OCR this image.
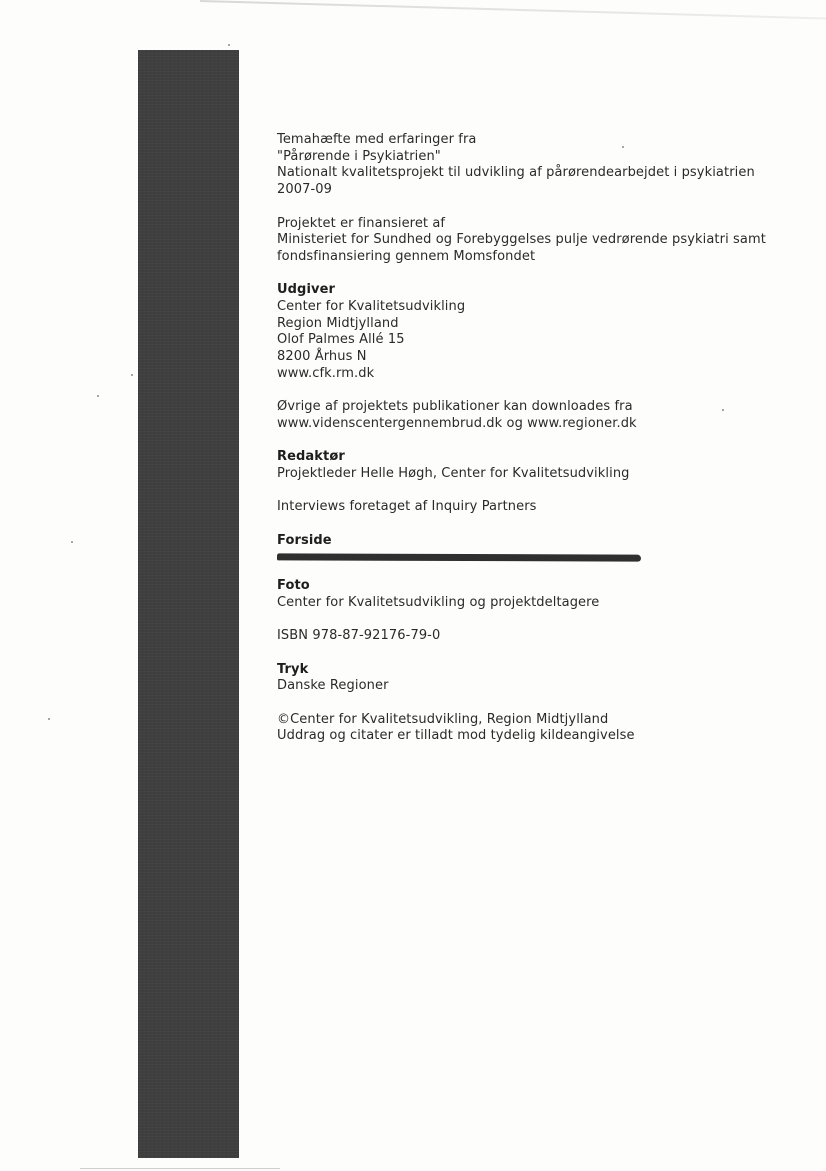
Temahæfte med erfaringer fra
"Pårørende i Psykiatrien"
Nationalt kvalitetsprojekt til udvikling af pårørendearbejdet i psykiatrien
2007-09
Projektet er finansieret af
Ministeriet for Sundhed og Forebyggelses pulje vedrørende psykiatri samt
fondsfinansiering gennem Momsfondet
Udgiver
Center for Kvalitetsudvikling
Region Midtjylland
Olof Palmes Allé 15
8200 Århus N
www.cfk.rm.dk
Øvrige af projektets publikationer kan downloades fra
www.videnscentergennembrud.dk og www.regioner.dk
Redaktør
Projektleder Helle Høgh, Center for Kvalitetsudvikling
Interviews foretaget af Inquiry Partners
Forside
Foto
Center for Kvalitetsudvikling og projektdeltagere
ISBN 978-87-92176-79-0
Tryk
Danske Regioner
©Center for Kvalitetsudvikling, Region Midtjylland
Uddrag og citater er tilladt mod tydelig kildeangivelse
